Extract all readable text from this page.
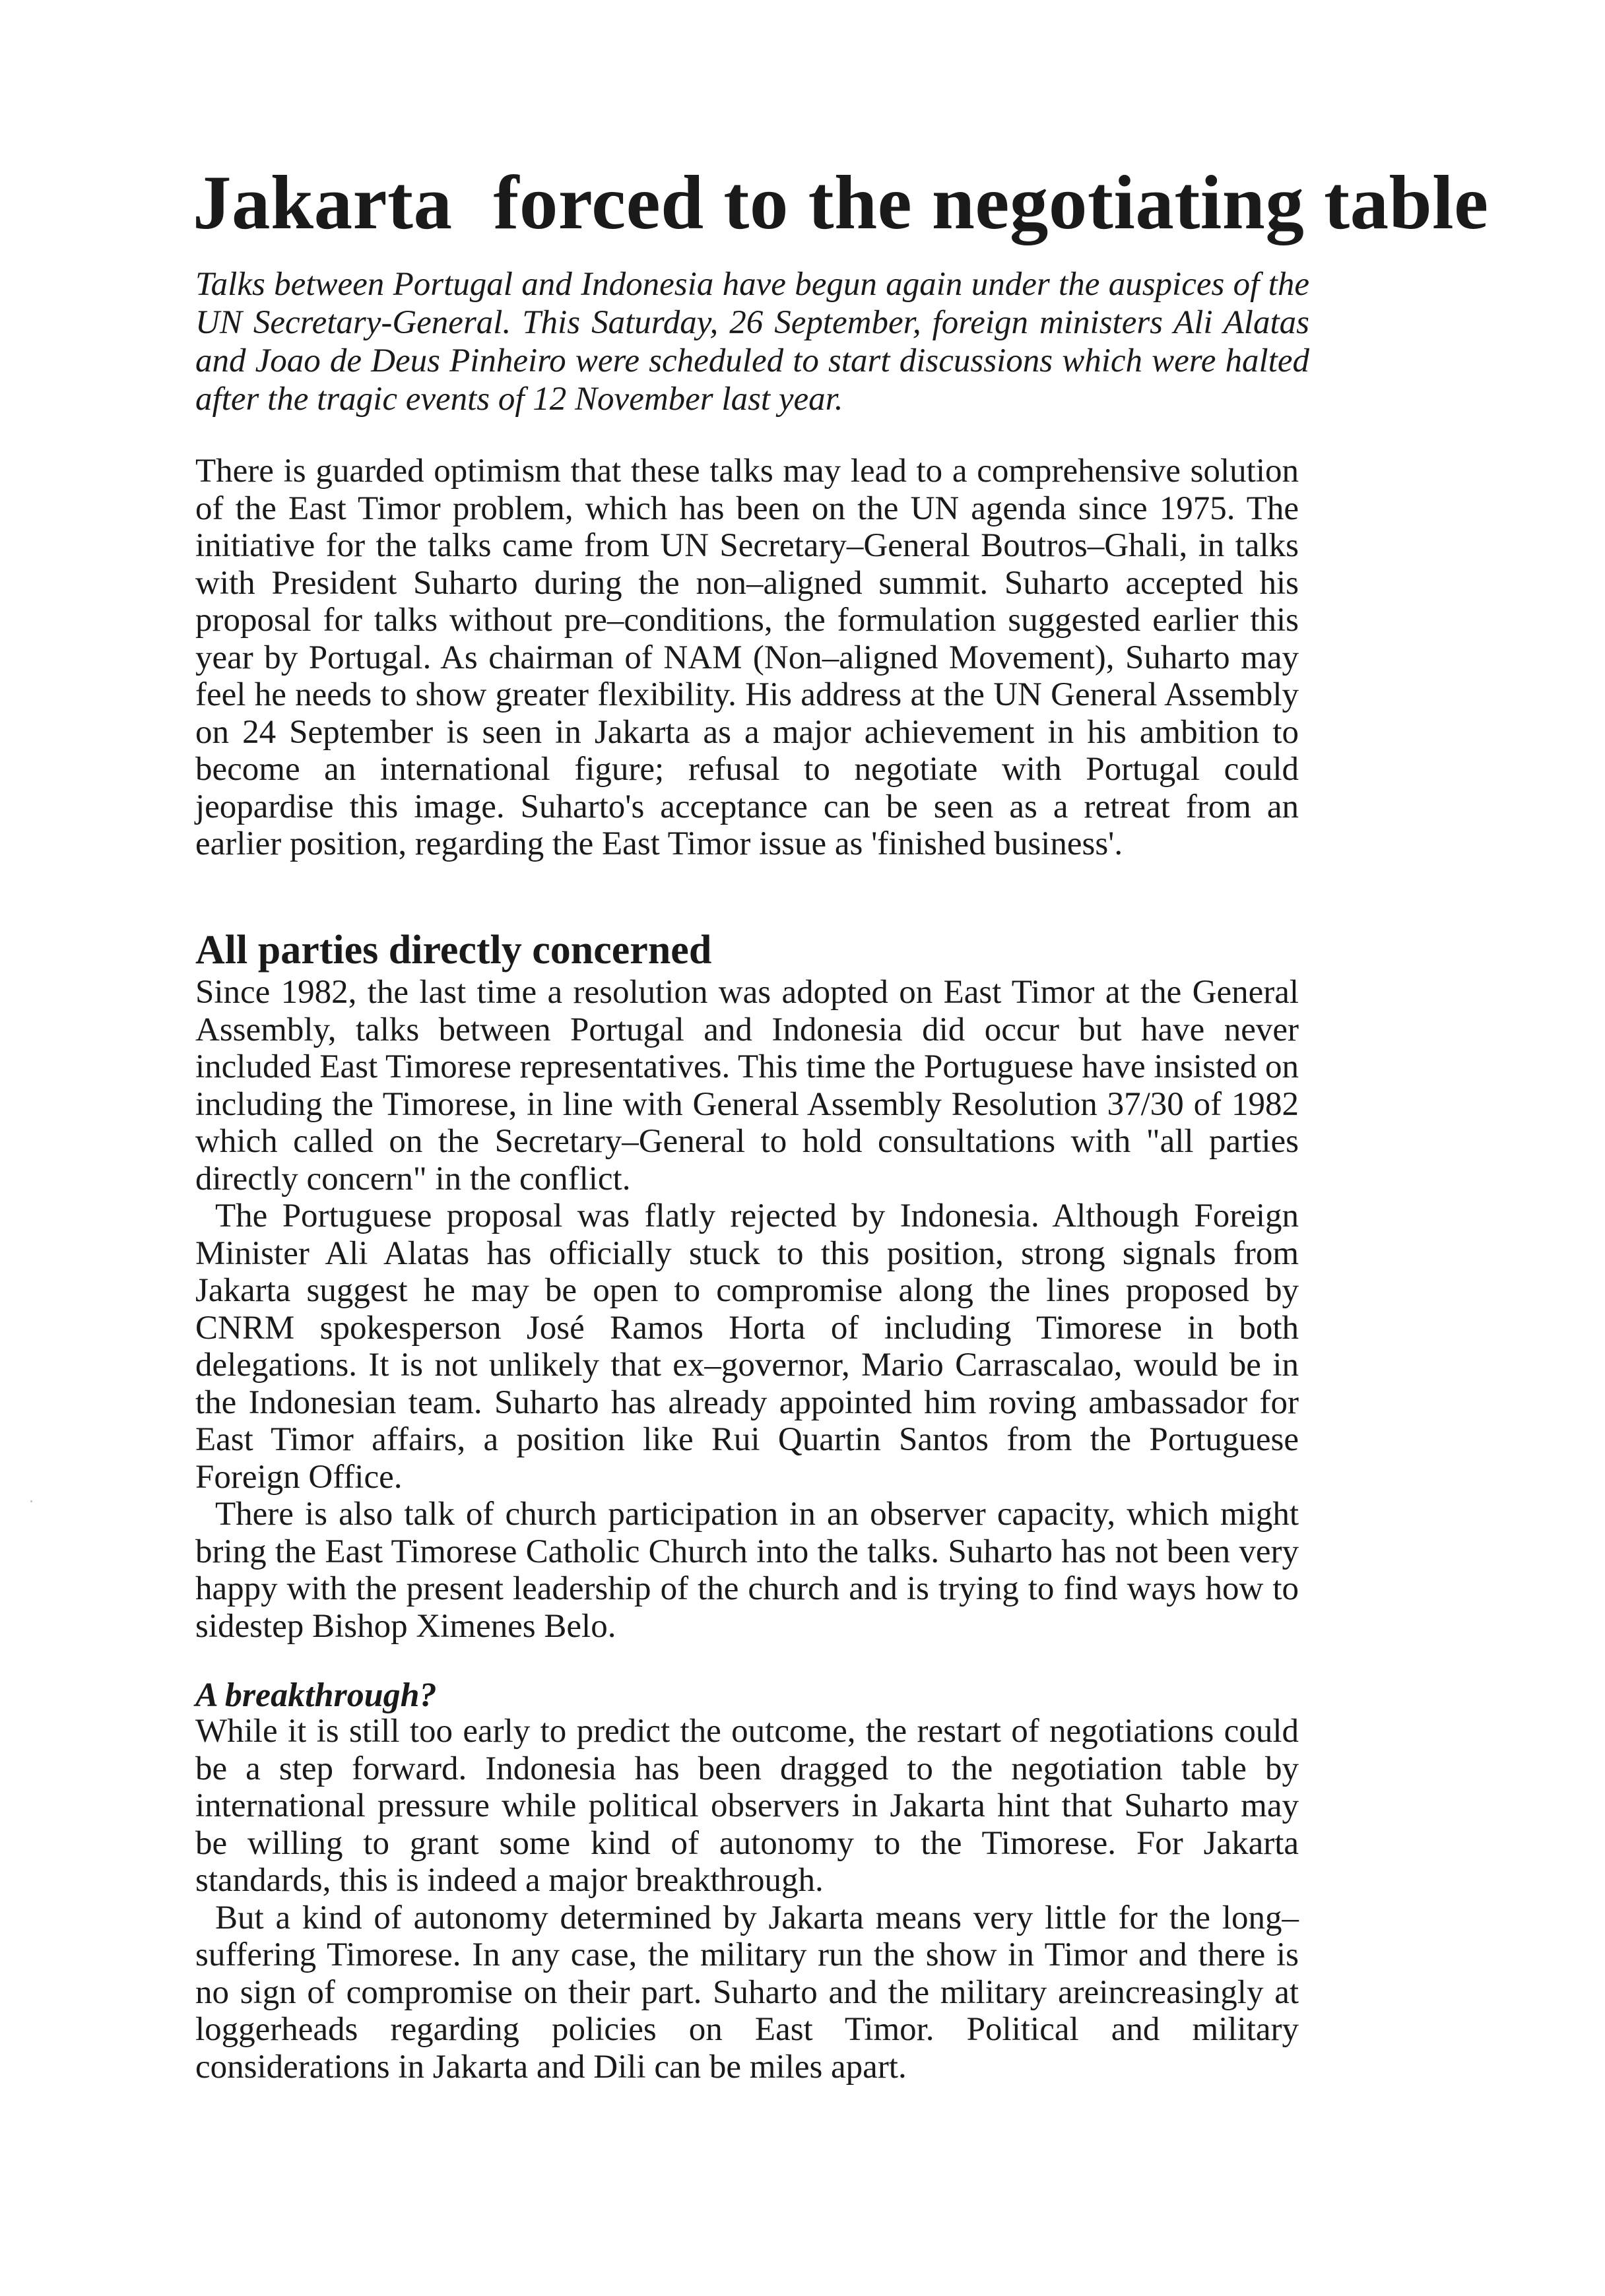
Jakarta forced to the negotiating table

Talks between Portugal and Indonesia have begun again under the auspices of the UN Secretary-General. This Saturday, 26 September, foreign ministers Ali Alatas and Joao de Deus Pinheiro were scheduled to start discussions which were halted after the tragic events of 12 November last year.

There is guarded optimism that these talks may lead to a comprehensive solution of the East Timor problem, which has been on the UN agenda since 1975. The initiative for the talks came from UN Secretary–General Boutros–Ghali, in talks with President Suharto during the non–aligned summit. Suharto accepted his proposal for talks without pre–conditions, the formulation suggested earlier this year by Portugal. As chairman of NAM (Non–aligned Movement), Suharto may feel he needs to show greater flexibility. His address at the UN General Assembly on 24 September is seen in Jakarta as a major achievement in his ambition to become an international figure; refusal to negotiate with Portugal could jeopardise this image. Suharto's acceptance can be seen as a retreat from an earlier position, regarding the East Timor issue as 'finished business'.

All parties directly concerned

Since 1982, the last time a resolution was adopted on East Timor at the General Assembly, talks between Portugal and Indonesia did occur but have never included East Timorese representatives. This time the Portuguese have insisted on including the Timorese, in line with General Assembly Resolution 37/30 of 1982 which called on the Secretary–General to hold consultations with "all parties directly concern" in the conflict.

The Portuguese proposal was flatly rejected by Indonesia. Although Foreign Minister Ali Alatas has officially stuck to this position, strong signals from Jakarta suggest he may be open to compromise along the lines proposed by CNRM spokesperson José Ramos Horta of including Timorese in both delegations. It is not unlikely that ex–governor, Mario Carrascalao, would be in the Indonesian team. Suharto has already appointed him roving ambassador for East Timor affairs, a position like Rui Quartin Santos from the Portuguese Foreign Office.

There is also talk of church participation in an observer capacity, which might bring the East Timorese Catholic Church into the talks. Suharto has not been very happy with the present leadership of the church and is trying to find ways how to sidestep Bishop Ximenes Belo.

A breakthrough?

While it is still too early to predict the outcome, the restart of negotiations could be a step forward. Indonesia has been dragged to the negotiation table by international pressure while political observers in Jakarta hint that Suharto may be willing to grant some kind of autonomy to the Timorese. For Jakarta standards, this is indeed a major breakthrough.

But a kind of autonomy determined by Jakarta means very little for the long–suffering Timorese. In any case, the military run the show in Timor and there is no sign of compromise on their part. Suharto and the military areincreasingly at loggerheads regarding policies on East Timor. Political and military considerations in Jakarta and Dili can be miles apart.
